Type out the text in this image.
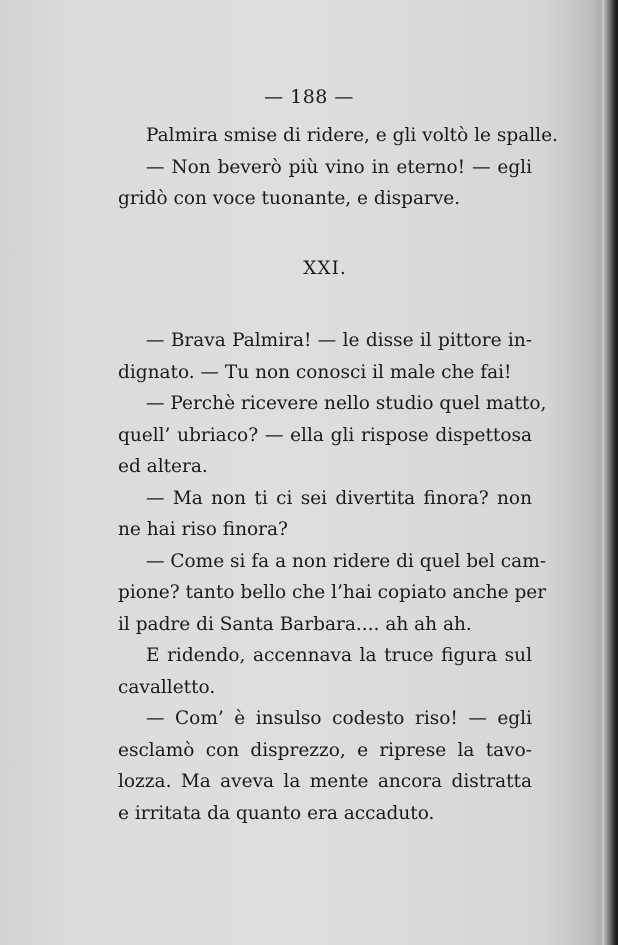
— 188 —
Palmira smise di ridere, e gli voltò le spalle.
— Non beverò più vino in eterno! — egli
gridò con voce tuonante, e disparve.
XXI.
— Brava Palmira! — le disse il pittore in-
dignato. — Tu non conosci il male che fai!
— Perchè ricevere nello studio quel matto,
quell’ ubriaco? — ella gli rispose dispettosa
ed altera.
— Ma non ti ci sei divertita finora? non
ne hai riso finora?
— Come si fa a non ridere di quel bel cam-
pione? tanto bello che l’hai copiato anche per
il padre di Santa Barbara.... ah ah ah.
E ridendo, accennava la truce figura sul
cavalletto.
— Com’ è insulso codesto riso! — egli
esclamò con disprezzo, e riprese la tavo-
lozza. Ma aveva la mente ancora distratta
e irritata da quanto era accaduto.
